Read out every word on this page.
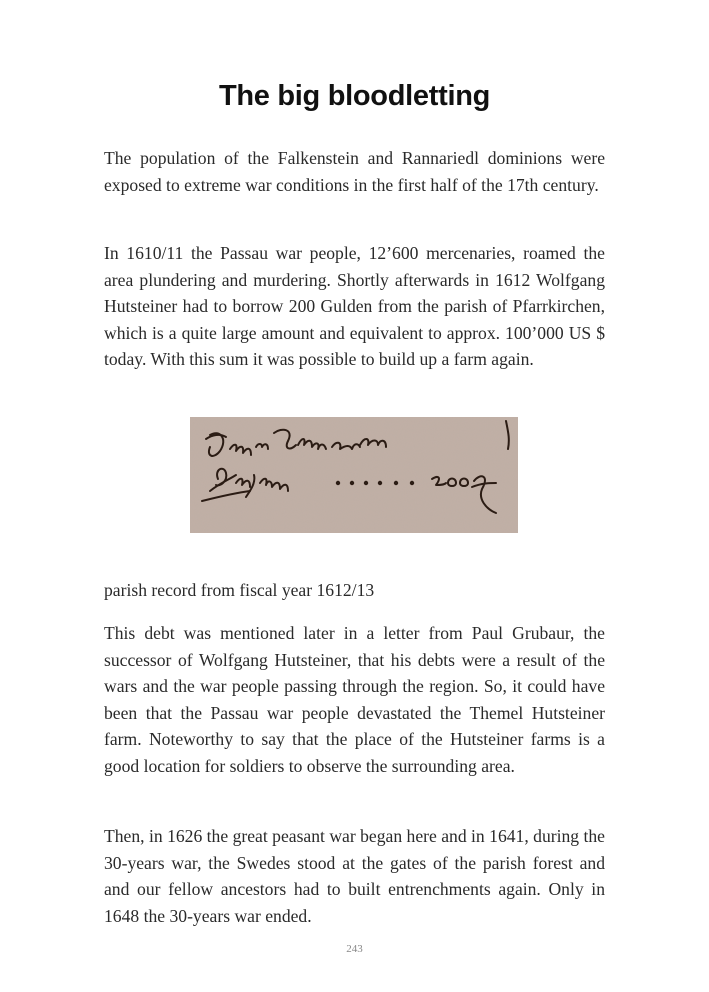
The big bloodletting

The population of the Falkenstein and Rannariedl dominions were exposed to extreme war conditions in the first half of the 17th century.

In 1610/11 the Passau war people, 12’600 mercenaries, roamed the area plundering and murdering. Shortly afterwards in 1612 Wolfgang Hutsteiner had to borrow 200 Gulden from the parish of Pfarrkirchen, which is a quite large amount and equivalent to approx. 100’000 US $ today. With this sum it was possible to build up a farm again.

parish record from fiscal year 1612/13

This debt was mentioned later in a letter from Paul Grubaur, the successor of Wolfgang Hutsteiner, that his debts were a result of the wars and the war people passing through the region. So, it could have been that the Passau war people devastated the Themel Hutsteiner farm. Noteworthy to say that the place of the Hutsteiner farms is a good location for soldiers to observe the surrounding area.

Then, in 1626 the great peasant war began here and in 1641, during the 30-years war, the Swedes stood at the gates of the parish forest and and our fellow ancestors had to built entrenchments again. Only in 1648 the 30-years war ended.

243
